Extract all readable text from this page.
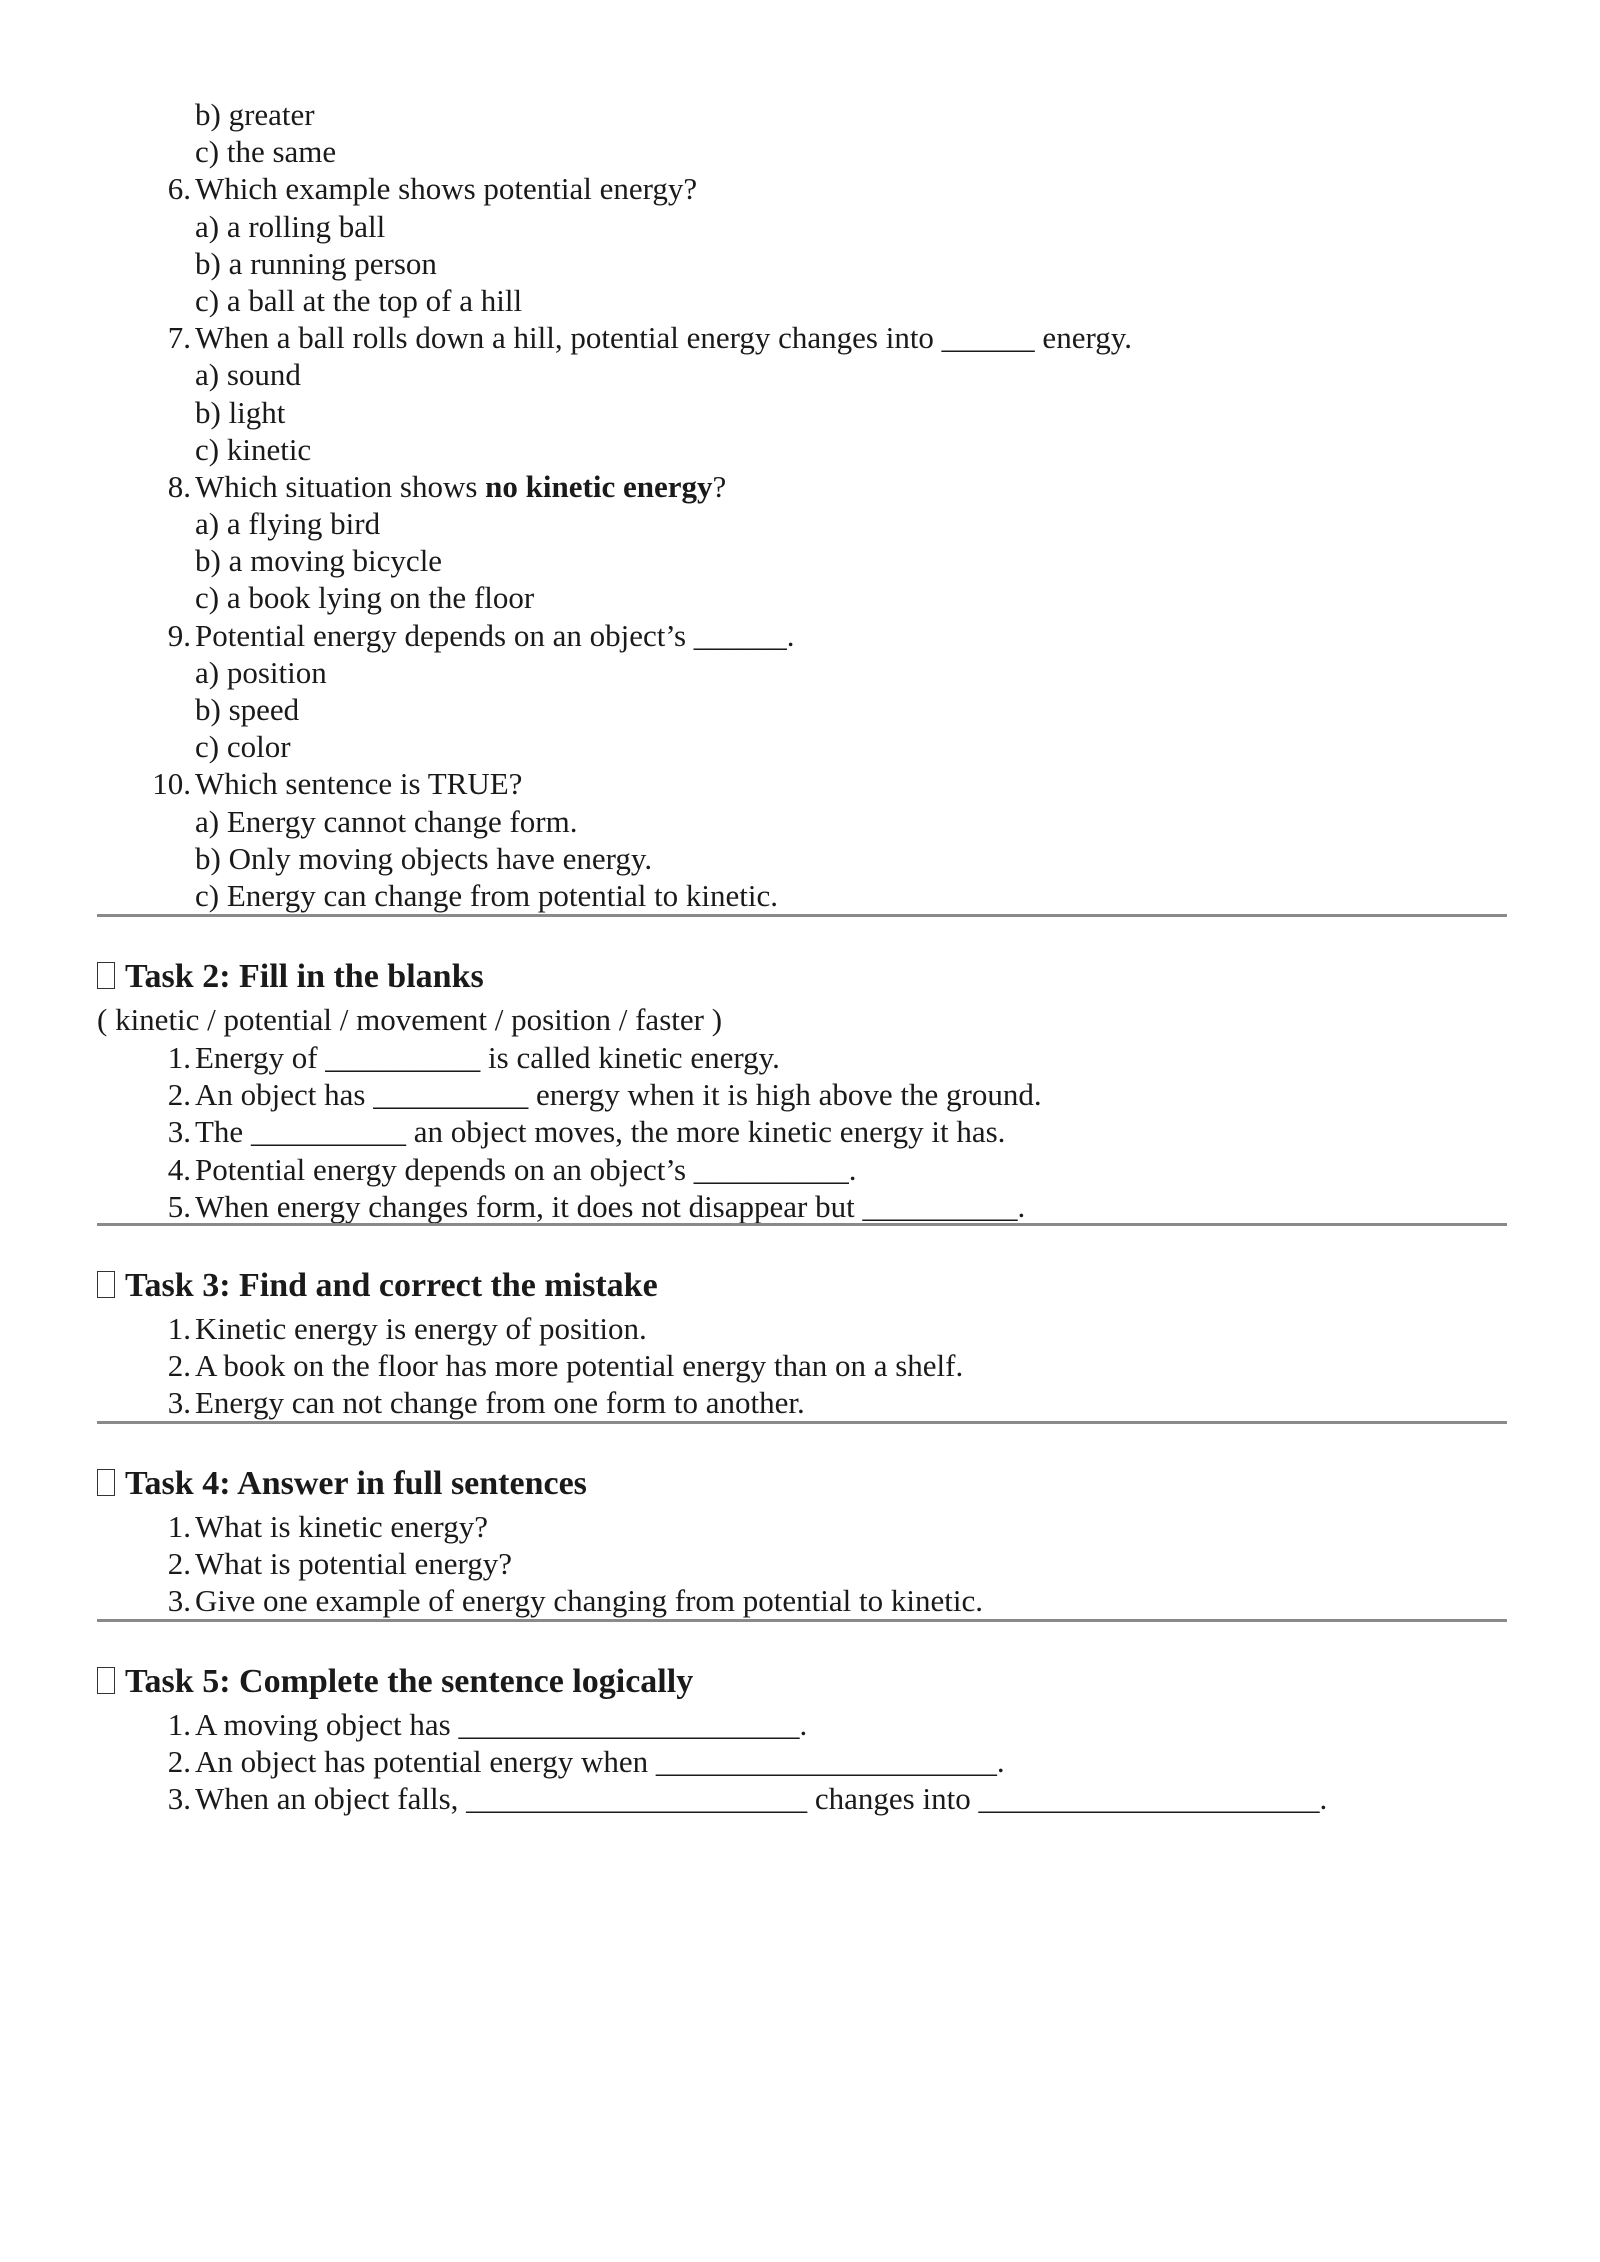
b) greater
c) the same
6. Which example shows potential energy?
a) a rolling ball
b) a running person
c) a ball at the top of a hill
7. When a ball rolls down a hill, potential energy changes into ______ energy.
a) sound
b) light
c) kinetic
8. Which situation shows no kinetic energy?
a) a flying bird
b) a moving bicycle
c) a book lying on the floor
9. Potential energy depends on an object’s ______.
a) position
b) speed
c) color
10. Which sentence is TRUE?
a) Energy cannot change form.
b) Only moving objects have energy.
c) Energy can change from potential to kinetic.
Task 2: Fill in the blanks
( kinetic / potential / movement / position / faster )
1. Energy of __________ is called kinetic energy.
2. An object has __________ energy when it is high above the ground.
3. The __________ an object moves, the more kinetic energy it has.
4. Potential energy depends on an object’s __________.
5. When energy changes form, it does not disappear but __________.
Task 3: Find and correct the mistake
1. Kinetic energy is energy of position.
2. A book on the floor has more potential energy than on a shelf.
3. Energy can not change from one form to another.
Task 4: Answer in full sentences
1. What is kinetic energy?
2. What is potential energy?
3. Give one example of energy changing from potential to kinetic.
Task 5: Complete the sentence logically
1. A moving object has ______________________.
2. An object has potential energy when ______________________.
3. When an object falls, ______________________ changes into ______________________.
